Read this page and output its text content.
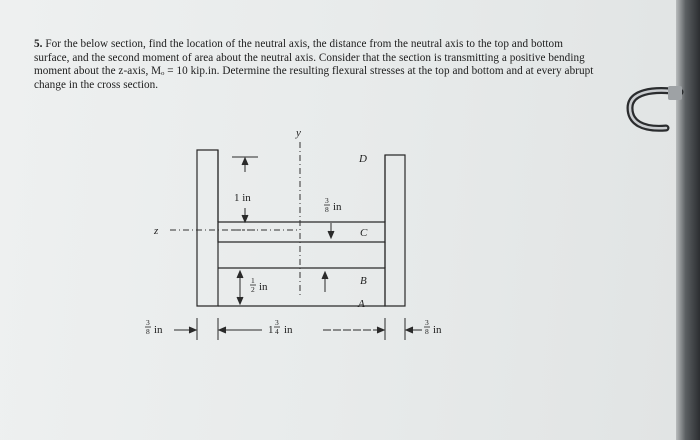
5. For the below section, find the location of the neutral axis, the distance from the neutral axis to the top and bottom surface, and the second moment of area about the neutral axis. Consider that the section is transmitting a positive bending moment about the z-axis, Mₒ = 10 kip.in. Determine the resulting flexural stresses at the top and bottom and at every abrupt change in the cross section.
y
z
D
C
B
A
1 in	3
8 in
1
2 in
3
8 in	1
3
4 in
3
8 in
